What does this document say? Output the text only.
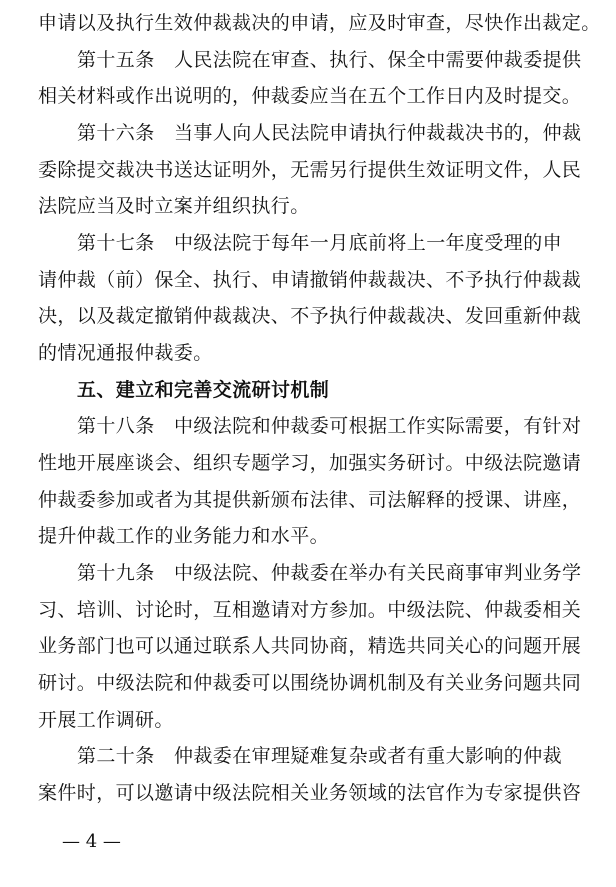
申请以及执行生效仲裁裁决的申请，应及时审查，尽快作出裁定。
第十五条　人民法院在审查、执行、保全中需要仲裁委提供
相关材料或作出说明的，仲裁委应当在五个工作日内及时提交。
第十六条　当事人向人民法院申请执行仲裁裁决书的，仲裁
委除提交裁决书送达证明外，无需另行提供生效证明文件，人民
法院应当及时立案并组织执行。
第十七条　中级法院于每年一月底前将上一年度受理的申
请仲裁（前）保全、执行、申请撤销仲裁裁决、不予执行仲裁裁
决，以及裁定撤销仲裁裁决、不予执行仲裁裁决、发回重新仲裁
的情况通报仲裁委。
五、建立和完善交流研讨机制
第十八条　中级法院和仲裁委可根据工作实际需要，有针对
性地开展座谈会、组织专题学习，加强实务研讨。中级法院邀请
仲裁委参加或者为其提供新颁布法律、司法解释的授课、讲座，
提升仲裁工作的业务能力和水平。
第十九条　中级法院、仲裁委在举办有关民商事审判业务学
习、培训、讨论时，互相邀请对方参加。中级法院、仲裁委相关
业务部门也可以通过联系人共同协商，精选共同关心的问题开展
研讨。中级法院和仲裁委可以围绕协调机制及有关业务问题共同
开展工作调研。
第二十条　仲裁委在审理疑难复杂或者有重大影响的仲裁
案件时，可以邀请中级法院相关业务领域的法官作为专家提供咨
— 4 —
